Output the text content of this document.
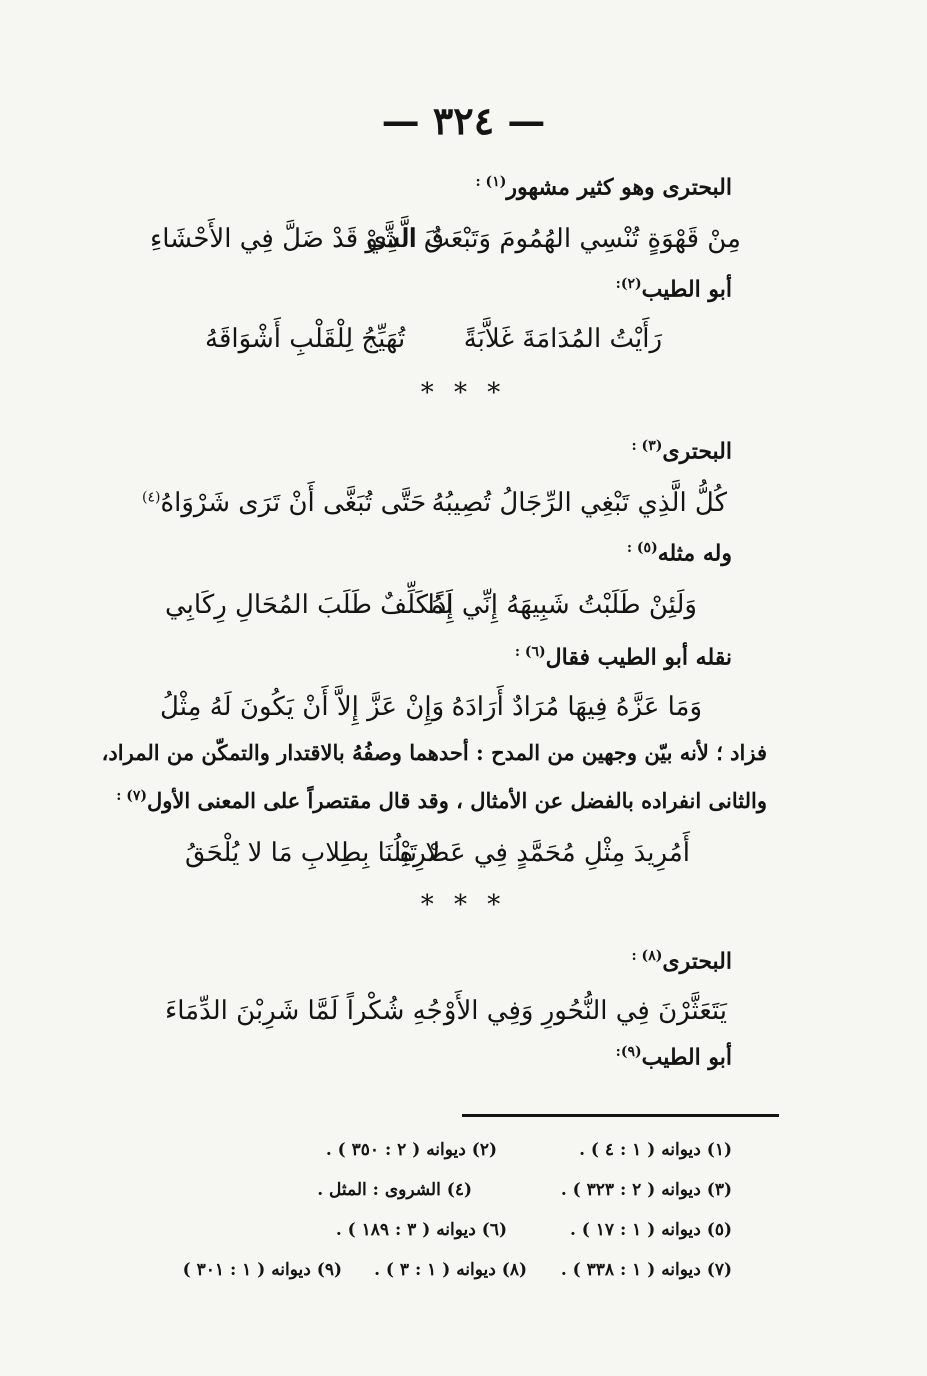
— ٣٢٤ —
البحترى وهو كثير مشهور$^{(١) :}$
مِنْ قَهْوَةٍ تُنْسِي الهُمُومَ وَتَبْعَثُ الشَّوْ
قَ الَّذِي قَدْ ضَلَّ فِي الأَحْشَاءِ
أبو الطيب$^{(٢):}$
رَأَيْتُ المُدَامَةَ غَلاَّبَةً
تُهَيِّجُ لِلْقَلْبِ أَشْوَاقَهُ
* * *
البحترى$^{(٣) :}$
كُلُّ الَّذِي تَبْغِي الرِّجَالُ تُصِيبُهُ
حَتَّى تُبَغَّى أَنْ تَرَى شَرْوَاهُ$^{(٤)}$
وله مثله$^{(٥) :}$
وَلَئِنْ طَلَبْتُ شَبِيهَهُ إِنِّي إِذًا
لَمُكَلِّفٌ طَلَبَ المُحَالِ رِكَابِي
نقله أبو الطيب فقال$^{(٦) :}$
وَمَا عَزَّهُ فِيهَا مُرَادٌ أَرَادَهُ
وَإِنْ عَزَّ إِلاَّ أَنْ يَكُونَ لَهُ مِثْلُ
فزاد ؛ لأنه بيّن وجهين من المدح : أحدهما وصفُهُ بالاقتدار والتمكّن من المراد،
والثانى انفراده بالفضل عن الأمثال ، وقد قال مقتصراً على المعنى الأول$^{(٧) :}$
أَمُرِيدَ مِثْلِ مُحَمَّدٍ فِي عَصْرِهِ
لا تَبْلُنَا بِطِلابِ مَا لا يُلْحَقُ
* * *
البحترى$^{(٨) :}$
يَتَعَثَّرْنَ فِي النُّحُورِ وَفِي الأَوْ
جُهِ شُكْراً لَمَّا شَرِبْنَ الدِّمَاءَ
أبو الطيب$^{(٩):}$
(١) ديوانه ( ١ : ٤ ) .
(٢) ديوانه ( ٢ : ٣٥٠ ) .
(٣) ديوانه ( ٢ : ٣٢٣ ) .
(٤) الشروى : المثل .
(٥) ديوانه ( ١ : ١٧ ) .
(٦) ديوانه ( ٣ : ١٨٩ ) .
(٧) ديوانه ( ١ : ٣٣٨ ) .
(٨) ديوانه ( ١ : ٣ ) .
(٩) ديوانه ( ١ : ٣٠١ )
